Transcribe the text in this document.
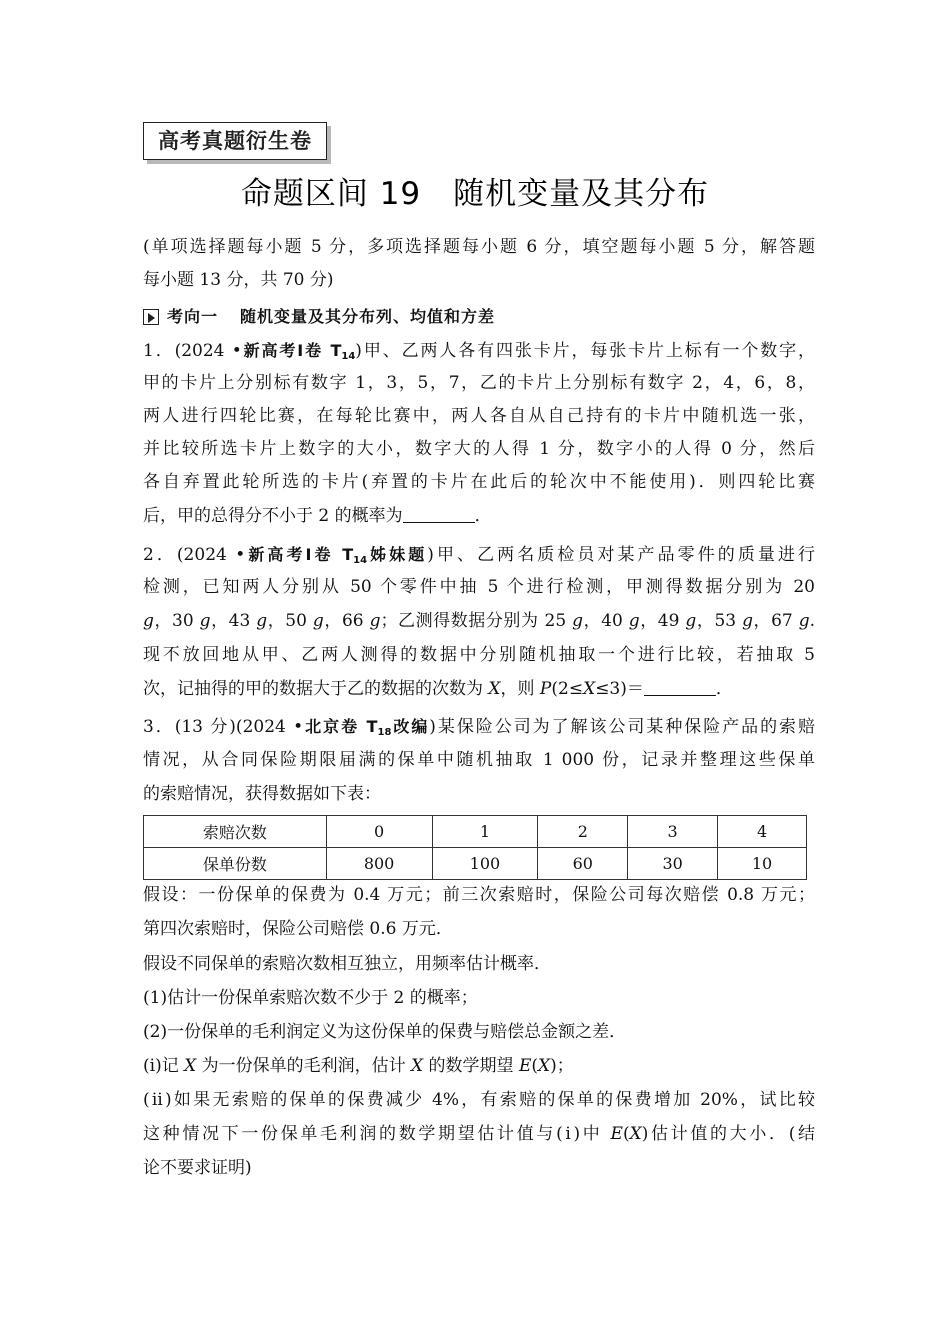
高考真题衍生卷
命题区间 19　随机变量及其分布
(单项选择题每小题 5 分，多项选择题每小题 6 分，填空题每小题 5 分，解答题
每小题 13 分，共 70 分)
考向一 随机变量及其分布列、均值和方差
1．(2024 •新高考Ⅰ卷 $T_{14}$)甲、乙两人各有四张卡片，每张卡片上标有一个数字，
甲的卡片上分别标有数字 1，3，5，7，乙的卡片上分别标有数字 2，4，6，8，
两人进行四轮比赛，在每轮比赛中，两人各自从自己持有的卡片中随机选一张，
并比较所选卡片上数字的大小，数字大的人得 1 分，数字小的人得 0 分，然后
各自弃置此轮所选的卡片(弃置的卡片在此后的轮次中不能使用)．则四轮比赛
后，甲的总得分不小于 2 的概率为	．
2．(2024 •新高考Ⅰ卷 $T_{14}$姊妹题)甲、乙两名质检员对某产品零件的质量进行
检测，已知两人分别从 50 个零件中抽 5 个进行检测，甲测得数据分别为 20
g，30 g，43 g，50 g，66 g；乙测得数据分别为 25 g，40 g，49 g，53 g，67 g.
现不放回地从甲、乙两人测得的数据中分别随机抽取一个进行比较，若抽取 5
次，记抽得的甲的数据大于乙的数据的次数为 X，则 P(2≤X≤3)＝	．
3．(13 分)(2024 •北京卷 $T_{18}$改编)某保险公司为了解该公司某种保险产品的索赔
情况，从合同保险期限届满的保单中随机抽取 1 000 份，记录并整理这些保单
的索赔情况，获得数据如下表：
索赔次数	0	1	2	3	4
保单份数	800	100	60	30	10
假设：一份保单的保费为 0.4 万元；前三次索赔时，保险公司每次赔偿 0.8 万元；
第四次索赔时，保险公司赔偿 0.6 万元．
假设不同保单的索赔次数相互独立，用频率估计概率．
(1)估计一份保单索赔次数不少于 2 的概率；
(2)一份保单的毛利润定义为这份保单的保费与赔偿总金额之差．
(ⅰ)记 X 为一份保单的毛利润，估计 X 的数学期望 E(X)；
(ⅱ)如果无索赔的保单的保费减少 4%，有索赔的保单的保费增加 20%，试比较
这种情况下一份保单毛利润的数学期望估计值与(ⅰ)中 E(X)估计值的大小．(结
论不要求证明)
